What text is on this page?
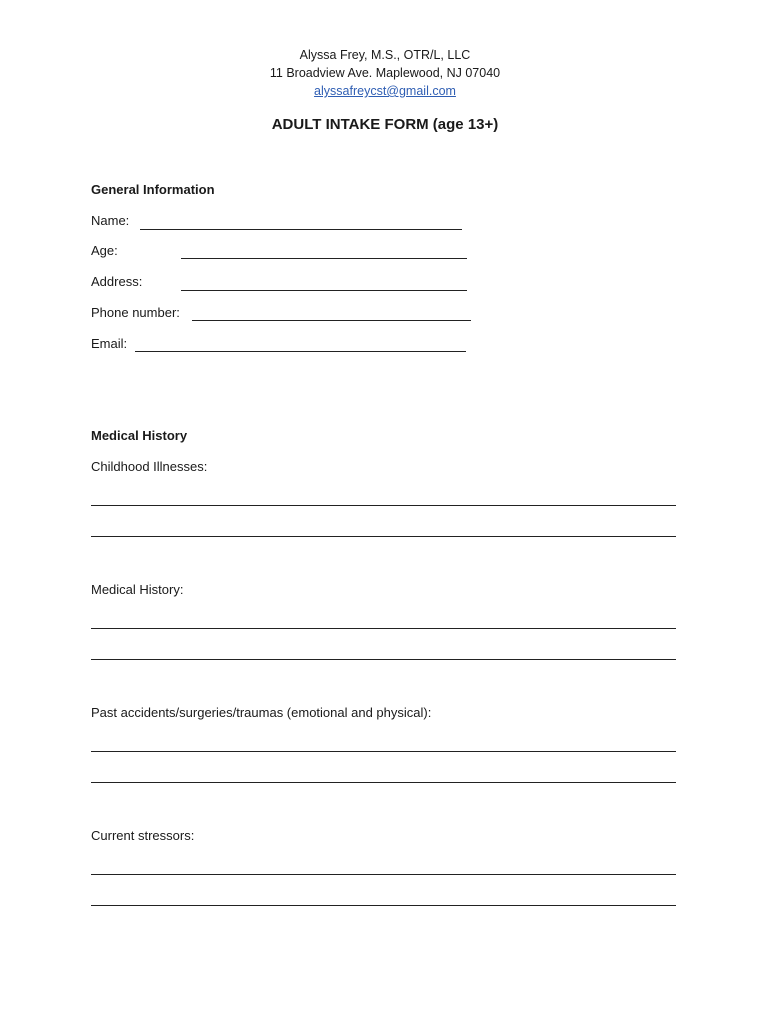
Alyssa Frey, M.S., OTR/L, LLC
11 Broadview Ave. Maplewood, NJ 07040
alyssafreycst@gmail.com
ADULT INTAKE FORM (age 13+)
General Information
Name:
Age:
Address:
Phone number:
Email:
Medical History
Childhood Illnesses:
Medical History:
Past accidents/surgeries/traumas (emotional and physical):
Current stressors:
